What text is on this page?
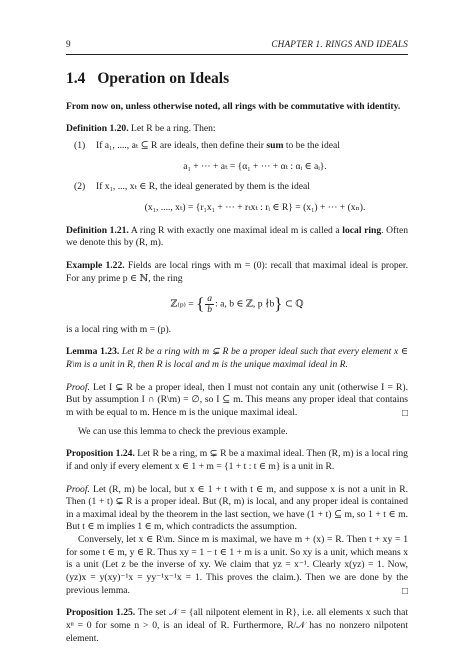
9	CHAPTER 1. RINGS AND IDEALS
1.4 Operation on Ideals

From now on, unless otherwise noted, all rings with be commutative with identity.

Definition 1.20. Let R be a ring. Then:

(1)	If a₁, ...., aₜ ⊆ R are ideals, then define their sum to be the ideal

a₁ + ··· + aₜ = {α₁ + ··· + αₜ : αᵢ ∈ aᵢ}.
(2)	If x₁, ..., xₜ ∈ R, the ideal generated by them is the ideal

(x₁, ...., xₜ) = {r₁x₁ + ··· + rₜxₜ : rᵢ ∈ R} = (x₁) + ··· + (xₙ).

Definition 1.21. A ring R with exactly one maximal ideal m is called a local ring. Often we denote this by (R, m).

Example 1.22. Fields are local rings with m = (0): recall that maximal ideal is proper. For any prime p ∈ ℕ, the ring

ℤ₍ₚ₎ = { $\frac{a}{b}$ : a, b ∈ ℤ, p ∤b} ⊂ ℚ

is a local ring with m = (p).

Lemma 1.23. Let R be a ring with m ⊊ R be a proper ideal such that every element x ∈ R\m is a unit in R, then R is local and m is the unique maximal ideal in R.

Proof. Let I ⊊ R be a proper ideal, then I must not contain any unit (otherwise I = R). But by assumption I ∩ (R\m) = ∅, so I ⊆ m. This means any proper ideal that contains m with be equal to m. Hence m is the unique maximal ideal.	□

We can use this lemma to check the previous example.

Proposition 1.24. Let R be a ring, m ⊊ R be a maximal ideal. Then (R, m) is a local ring if and only if every element x ∈ 1 + m = {1 + t : t ∈ m} is a unit in R.

Proof. Let (R, m) be local, but x ∈ 1 + t with t ∈ m, and suppose x is not a unit in R. Then (1 + t) ⊊ R is a proper ideal. But (R, m) is local, and any proper ideal is contained in a maximal ideal by the theorem in the last section, we have (1 + t) ⊆ m, so 1 + t ∈ m. But t ∈ m implies 1 ∈ m, which contradicts the assumption.

Conversely, let x ∈ R\m. Since m is maximal, we have m + (x) = R. Then t + xy = 1 for some t ∈ m, y ∈ R. Thus xy = 1 − t ∈ 1 + m is a unit. So xy is a unit, which means x is a unit (Let z be the inverse of xy. We claim that yz = x⁻¹. Clearly x(yz) = 1. Now, (yz)x = y(xy)⁻¹x = yy⁻¹x⁻¹x = 1. This proves the claim.). Then we are done by the previous lemma.	□

Proposition 1.25. The set 𝒩 = {all nilpotent element in R}, i.e. all elements x such that xⁿ = 0 for some n > 0, is an ideal of R. Furthermore, R/𝒩 has no nonzero nilpotent element.
